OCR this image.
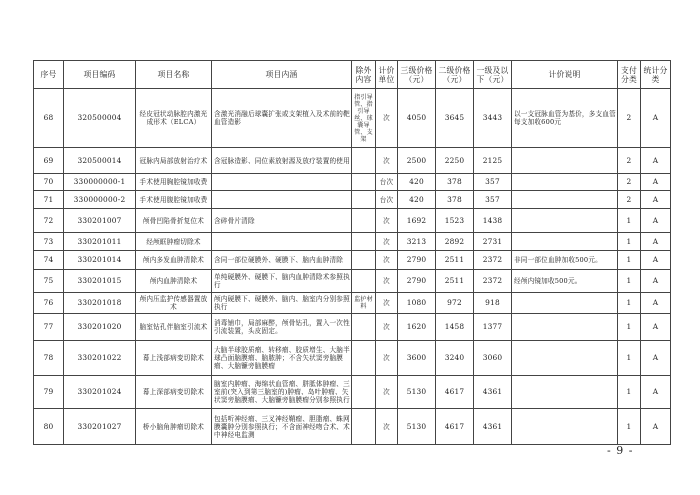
序号	项目编码	项目名称	项目内涵	除外内容	计价单位	三级价格（元）	二级价格（元）	一级及以下（元）	计价说明	支付分类	统计分类
68	320500004	经皮冠状动脉腔内激光成形术（ELCA）	含激光消融后球囊扩张或支架植入及术前的靶血管造影	指引导管、指引导丝、球囊导管、支架	次	4050	3645	3443	以一支冠脉血管为基价，多支血管每支加收600元	2	A
69	320500014	冠脉内局部放射治疗术	含冠脉造影、同位素放射源及放疗装置的使用		次	2500	2250	2125		2	A
70	330000000-1	手术使用胸腔镜加收费			台次	420	378	357		2	A
71	330000000-2	手术使用腹腔镜加收费			台次	420	378	357		2	A
72	330201007	颅骨凹陷骨折复位术	含碎骨片清除		次	1692	1523	1438		1	A
73	330201011	经颅眶肿瘤切除术			次	3213	2892	2731		1	A
74	330201014	颅内多发血肿清除术	含同一部位硬膜外、硬膜下、脑内血肿清除		次	2790	2511	2372	非同一部位血肿加收500元。	1	A
75	330201015	颅内血肿清除术	单纯硬膜外、硬膜下、脑内血肿清除术参照执行		次	2790	2511	2372	经颅内镜加收500元。	1	A
76	330201018	颅内压监护传感器置放术	颅内硬膜下、硬膜外、脑内、脑室内分别参照执行	监护材料	次	1080	972	918		1	A
77	330201020	脑室钻孔伴脑室引流术	消毒铺巾，局部麻醉，颅骨钻孔，置入一次性引流装置，头皮固定。		次	1620	1458	1377		1	A
78	330201022	幕上浅部病变切除术	大脑半球胶质瘤、转移瘤、胶质增生、大脑半球凸面脑膜瘤、脑脓肿；不含矢状窦旁脑膜瘤、大脑镰旁脑膜瘤		次	3600	3240	3060		1	A
79	330201024	幕上深部病变切除术	脑室内肿瘤、海绵状血管瘤、胼胝体肿瘤、三室前(突入到第三脑室的)肿瘤、岛叶肿瘤、矢状窦旁脑膜瘤、大脑镰旁脑膜瘤分别参照执行		次	5130	4617	4361		1	A
80	330201027	桥小脑角肿瘤切除术	包括听神经瘤、三叉神经鞘瘤、胆脂瘤、蛛网膜囊肿分别参照执行；不含面神经吻合术、术中神经电监测		次	5130	4617	4361		1	A
- 9 -
